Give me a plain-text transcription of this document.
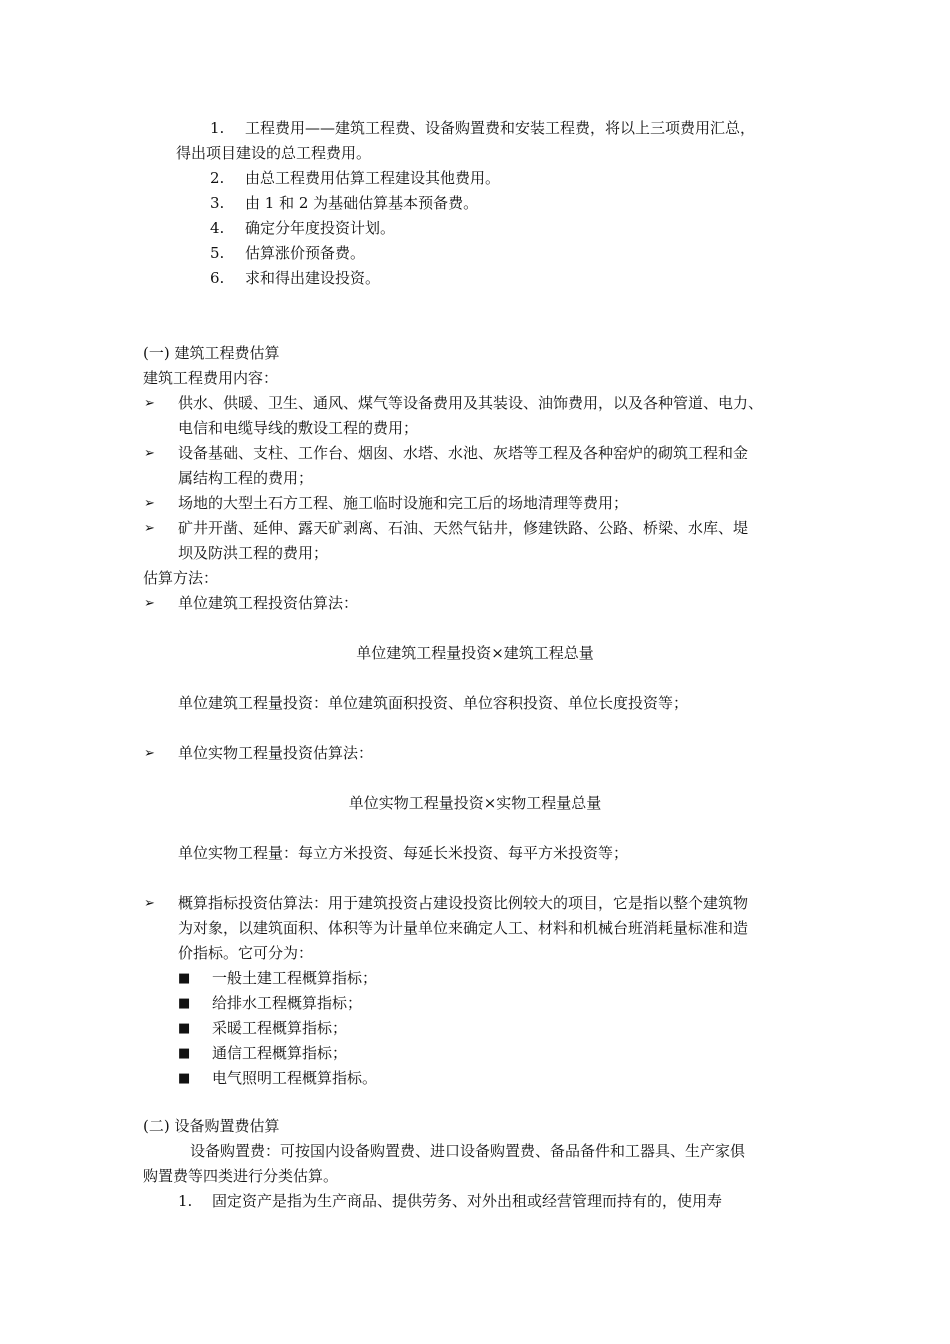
1. 工程费用——建筑工程费、设备购置费和安装工程费，将以上三项费用汇总，
得出项目建设的总工程费用。
2. 由总工程费用估算工程建设其他费用。
3. 由 1 和 2 为基础估算基本预备费。
4. 确定分年度投资计划。
5. 估算涨价预备费。
6. 求和得出建设投资。
(一) 建筑工程费估算
建筑工程费用内容：
➢ 供水、供暖、卫生、通风、煤气等设备费用及其装设、油饰费用，以及各种管道、电力、
电信和电缆导线的敷设工程的费用；
➢ 设备基础、支柱、工作台、烟囱、水塔、水池、灰塔等工程及各种窑炉的砌筑工程和金
属结构工程的费用；
➢ 场地的大型土石方工程、施工临时设施和完工后的场地清理等费用；
➢ 矿井开凿、延伸、露天矿剥离、石油、天然气钻井，修建铁路、公路、桥梁、水库、堤
坝及防洪工程的费用；
估算方法：
➢ 单位建筑工程投资估算法：
单位建筑工程量投资×建筑工程总量
单位建筑工程量投资：单位建筑面积投资、单位容积投资、单位长度投资等；
➢ 单位实物工程量投资估算法：
单位实物工程量投资×实物工程量总量
单位实物工程量：每立方米投资、每延长米投资、每平方米投资等；
➢ 概算指标投资估算法：用于建筑投资占建设投资比例较大的项目，它是指以整个建筑物
为对象，以建筑面积、体积等为计量单位来确定人工、材料和机械台班消耗量标准和造
价指标。它可分为：
■ 一般土建工程概算指标；
■ 给排水工程概算指标；
■ 采暖工程概算指标；
■ 通信工程概算指标；
■ 电气照明工程概算指标。
(二) 设备购置费估算
设备购置费：可按国内设备购置费、进口设备购置费、备品备件和工器具、生产家俱
购置费等四类进行分类估算。
1. 固定资产是指为生产商品、提供劳务、对外出租或经营管理而持有的，使用寿
